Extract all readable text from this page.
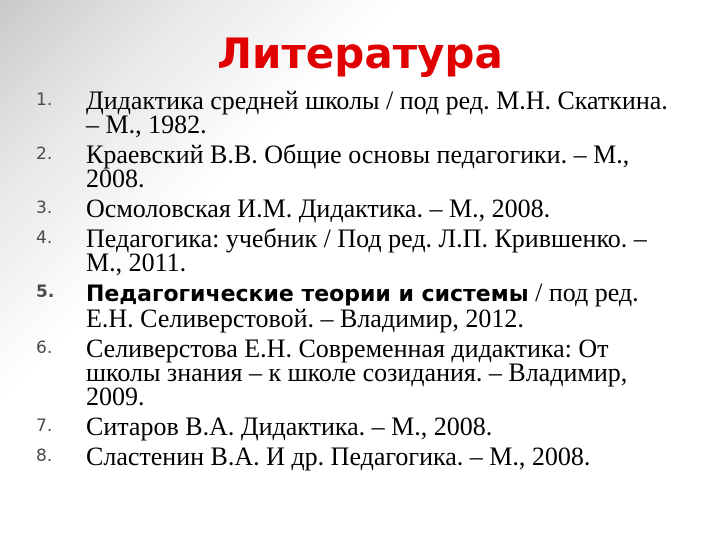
Литература
1.	Дидактика средней школы / под ред. М.Н. Скаткина. – М., 1982.
2.	Краевский В.В. Общие основы педагогики. – М., 2008.
3.	Осмоловская И.М. Дидактика. – М., 2008.
4.	Педагогика: учебник / Под ред. Л.П. Крившенко. – М., 2011.
5.	Педагогические теории и системы / под ред. Е.Н. Селиверстовой. – Владимир, 2012.
6.	Селиверстова Е.Н. Современная дидактика: От школы знания – к школе созидания. – Владимир, 2009.
7.	Ситаров В.А. Дидактика. – М., 2008.
8.	Сластенин В.А. И др. Педагогика. – М., 2008.
